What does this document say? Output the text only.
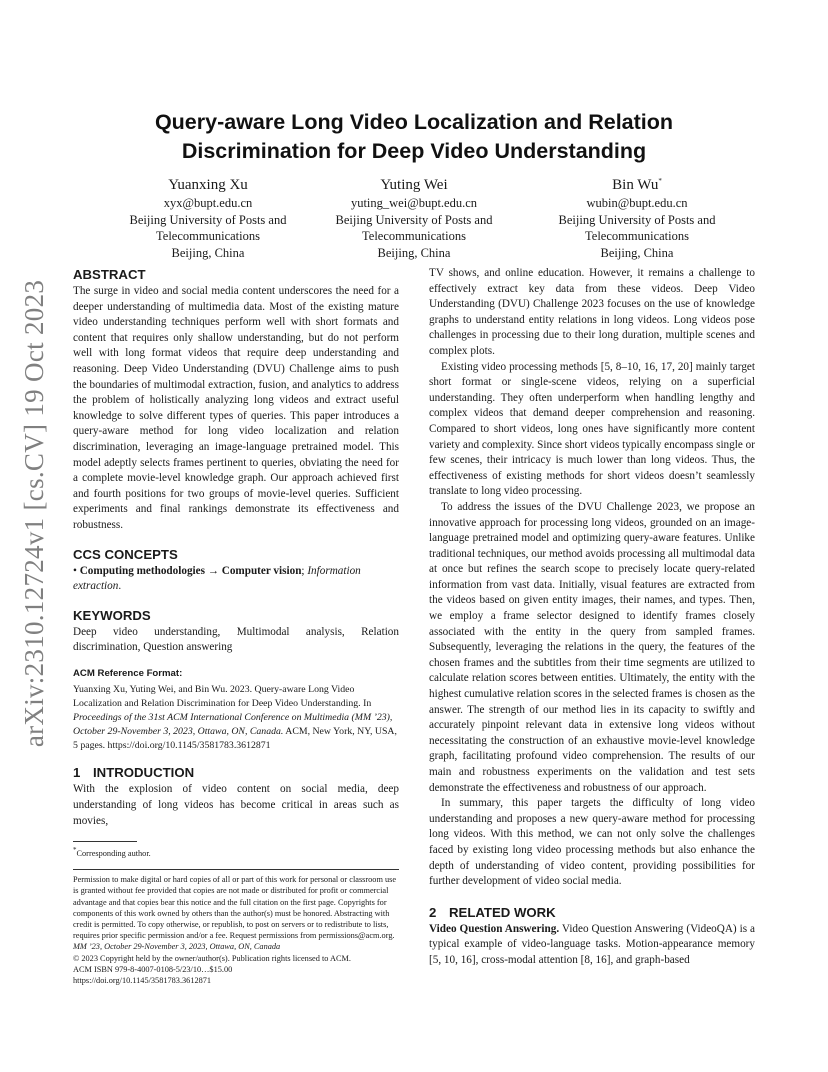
arXiv:2310.12724v1 [cs.CV] 19 Oct 2023
Query-aware Long Video Localization and Relation
Discrimination for Deep Video Understanding
Yuanxing Xu
xyx@bupt.edu.cn
Beijing University of Posts and
Telecommunications
Beijing, China
Yuting Wei
yuting_wei@bupt.edu.cn
Beijing University of Posts and
Telecommunications
Beijing, China
Bin Wu*
wubin@bupt.edu.cn
Beijing University of Posts and
Telecommunications
Beijing, China
ABSTRACT

The surge in video and social media content underscores the need for a deeper understanding of multimedia data. Most of the existing mature video understanding techniques perform well with short formats and content that requires only shallow understanding, but do not perform well with long format videos that require deep understanding and reasoning. Deep Video Understanding (DVU) Challenge aims to push the boundaries of multimodal extraction, fusion, and analytics to address the problem of holistically analyzing long videos and extract useful knowledge to solve different types of queries. This paper introduces a query-aware method for long video localization and relation discrimination, leveraging an image-language pretrained model. This model adeptly selects frames pertinent to queries, obviating the need for a complete movie-level knowledge graph. Our approach achieved first and fourth positions for two groups of movie-level queries. Sufficient experiments and final rankings demonstrate its effectiveness and robustness.

CCS CONCEPTS

• Computing methodologies → Computer vision; Information extraction.

KEYWORDS

Deep video understanding, Multimodal analysis, Relation discrimination, Question answering

ACM Reference Format:

Yuanxing Xu, Yuting Wei, and Bin Wu. 2023. Query-aware Long Video Localization and Relation Discrimination for Deep Video Understanding. In Proceedings of the 31st ACM International Conference on Multimedia (MM ’23), October 29-November 3, 2023, Ottawa, ON, Canada. ACM, New York, NY, USA, 5 pages. https://doi.org/10.1145/3581783.3612871

1 INTRODUCTION

With the explosion of video content on social media, deep understanding of long videos has become critical in areas such as movies,

*Corresponding author.

Permission to make digital or hard copies of all or part of this work for personal or classroom use is granted without fee provided that copies are not made or distributed for profit or commercial advantage and that copies bear this notice and the full citation on the first page. Copyrights for components of this work owned by others than the author(s) must be honored. Abstracting with credit is permitted. To copy otherwise, or republish, to post on servers or to redistribute to lists, requires prior specific permission and/or a fee. Request permissions from permissions@acm.org.

MM ’23, October 29-November 3, 2023, Ottawa, ON, Canada

© 2023 Copyright held by the owner/author(s). Publication rights licensed to ACM.

ACM ISBN 979-8-4007-0108-5/23/10…$15.00

https://doi.org/10.1145/3581783.3612871

TV shows, and online education. However, it remains a challenge to effectively extract key data from these videos. Deep Video Understanding (DVU) Challenge 2023 focuses on the use of knowledge graphs to understand entity relations in long videos. Long videos pose challenges in processing due to their long duration, multiple scenes and complex plots.

Existing video processing methods [5, 8–10, 16, 17, 20] mainly target short format or single-scene videos, relying on a superficial understanding. They often underperform when handling lengthy and complex videos that demand deeper comprehension and reasoning. Compared to short videos, long ones have significantly more content variety and complexity. Since short videos typically encompass single or few scenes, their intricacy is much lower than long videos. Thus, the effectiveness of existing methods for short videos doesn’t seamlessly translate to long video processing.

To address the issues of the DVU Challenge 2023, we propose an innovative approach for processing long videos, grounded on an image-language pretrained model and optimizing query-aware features. Unlike traditional techniques, our method avoids processing all multimodal data at once but refines the search scope to precisely locate query-related information from vast data. Initially, visual features are extracted from the videos based on given entity images, their names, and types. Then, we employ a frame selector designed to identify frames closely associated with the entity in the query from sampled frames. Subsequently, leveraging the relations in the query, the features of the chosen frames and the subtitles from their time segments are utilized to calculate relation scores between entities. Ultimately, the entity with the highest cumulative relation scores in the selected frames is chosen as the answer. The strength of our method lies in its capacity to swiftly and accurately pinpoint relevant data in extensive long videos without necessitating the construction of an exhaustive movie-level knowledge graph, facilitating profound video comprehension. The results of our main and robustness experiments on the validation and test sets demonstrate the effectiveness and robustness of our approach.

In summary, this paper targets the difficulty of long video understanding and proposes a new query-aware method for processing long videos. With this method, we can not only solve the challenges faced by existing long video processing methods but also enhance the depth of understanding of video content, providing possibilities for further development of video social media.

2 RELATED WORK

Video Question Answering. Video Question Answering (VideoQA) is a typical example of video-language tasks. Motion-appearance memory [5, 10, 16], cross-modal attention [8, 16], and graph-based
